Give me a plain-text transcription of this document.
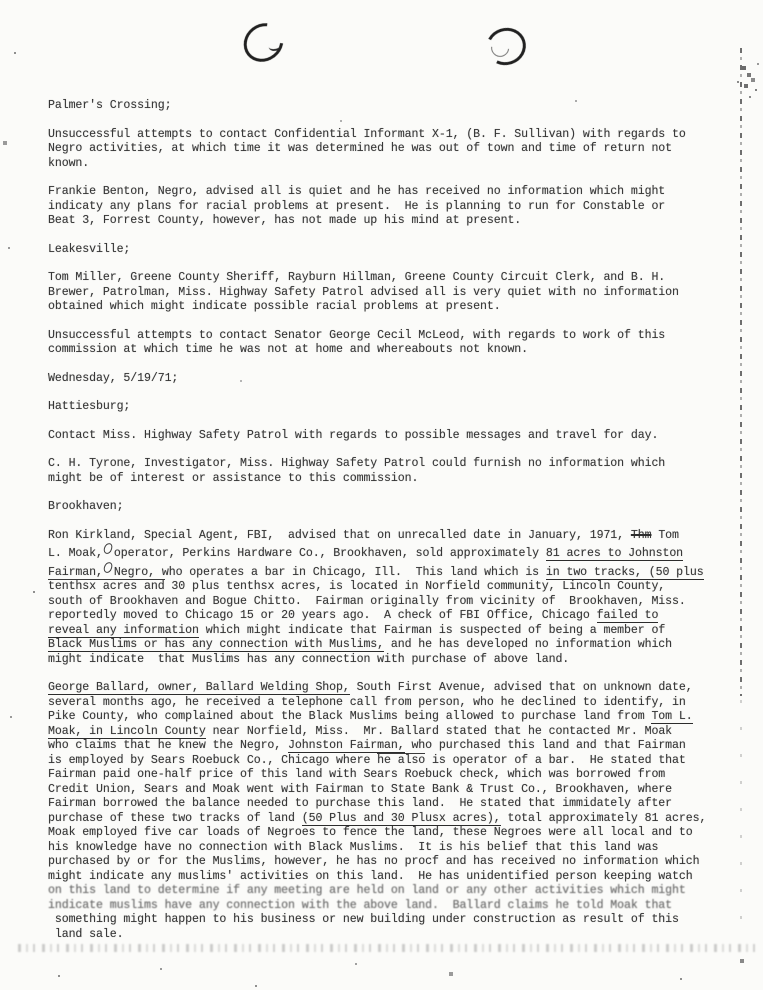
Palmer's Crossing;
Unsuccessful attempts to contact Confidential Informant X-1, (B. F. Sullivan) with regards to
Negro activities, at which time it was determined he was out of town and time of return not
known.
Frankie Benton, Negro, advised all is quiet and he has received no information which might
indicaty any plans for racial problems at present.  He is planning to run for Constable or
Beat 3, Forrest County, however, has not made up his mind at present.
Leakesville;
Tom Miller, Greene County Sheriff, Rayburn Hillman, Greene County Circuit Clerk, and B. H.
Brewer, Patrolman, Miss. Highway Safety Patrol advised all is very quiet with no information
obtained which might indicate possible racial problems at present.
Unsuccessful attempts to contact Senator George Cecil McLeod, with regards to work of this
commission at which time he was not at home and whereabouts not known.
Wednesday, 5/19/71;
Hattiesburg;
Contact Miss. Highway Safety Patrol with regards to possible messages and travel for day.
C. H. Tyrone, Investigator, Miss. Highway Safety Patrol could furnish no information which
might be of interest or assistance to this commission.
Brookhaven;
Ron Kirkland, Special Agent, FBI,  advised that on unrecalled date in January, 1971, Thm Tom
L. Moak, operator, Perkins Hardware Co., Brookhaven, sold approximately 81 acres to Johnston
Fairman, Negro, who operates a bar in Chicago, Ill.  This land which is in two tracks, (50 plus
tenthsx acres and 30 plus tenthsx acres, is located in Norfield community, Lincoln County,
south of Brookhaven and Bogue Chitto.  Fairman originally from vicinity of  Brookhaven, Miss.
reportedly moved to Chicago 15 or 20 years ago.  A check of FBI Office, Chicago failed to
reveal any information which might indicate that Fairman is suspected of being a member of
Black Muslims or has any connection with Muslims, and he has developed no information which
might indicate  that Muslims has any connection with purchase of above land.
George Ballard, owner, Ballard Welding Shop, South First Avenue, advised that on unknown date,
several months ago, he received a telephone call from person, who he declined to identify, in
Pike County, who complained about the Black Muslims being allowed to purchase land from Tom L.
Moak, in Lincoln County near Norfield, Miss.  Mr. Ballard stated that he contacted Mr. Moak
who claims that he knew the Negro, Johnston Fairman, who purchased this land and that Fairman
is employed by Sears Roebuck Co., Chicago where he also is operator of a bar.  He stated that
Fairman paid one-half price of this land with Sears Roebuck check, which was borrowed from
Credit Union, Sears and Moak went with Fairman to State Bank & Trust Co., Brookhaven, where
Fairman borrowed the balance needed to purchase this land.  He stated that immidately after
purchase of these two tracks of land (50 Plus and 30 Plusx acres), total approximately 81 acres,
Moak employed five car loads of Negroes to fence the land, these Negroes were all local and to
his knowledge have no connection with Black Muslims.  It is his belief that this land was
purchased by or for the Muslims, however, he has no procf and has received no information which
might indicate any muslims' activities on this land.  He has unidentified person keeping watch
on this land to determine if any meeting are held on land or any other activities which might
indicate muslims have any connection with the above land.  Ballard claims he told Moak that
something might happen to his business or new building under construction as result of this
land sale.
